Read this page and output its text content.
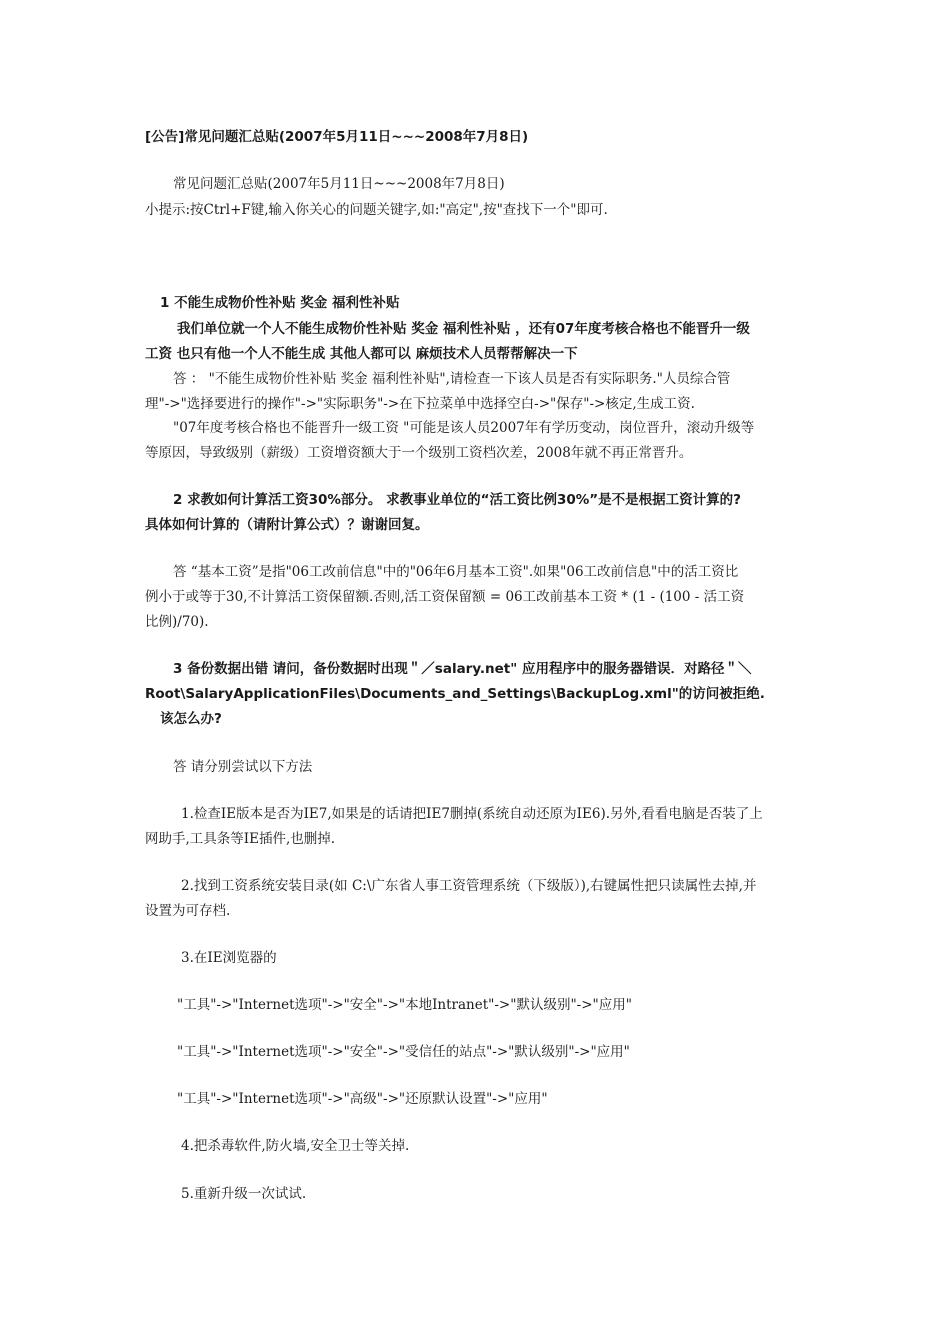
[公告]常见问题汇总贴(2007年5月11日~~~2008年7月8日)
常见问题汇总贴(2007年5月11日~~~2008年7月8日)
小提示:按Ctrl+F键,输入你关心的问题关键字,如:"高定",按"查找下一个"即可.
1 不能生成物价性补贴 奖金 福利性补贴
我们单位就一个人不能生成物价性补贴 奖金 福利性补贴 ，还有07年度考核合格也不能晋升一级
工资 也只有他一个人不能生成 其他人都可以 麻烦技术人员帮帮解决一下
答 ： "不能生成物价性补贴 奖金 福利性补贴",请检查一下该人员是否有实际职务."人员综合管
理"->"选择要进行的操作"->"实际职务"->在下拉菜单中选择空白->"保存"->核定,生成工资.
"07年度考核合格也不能晋升一级工资 "可能是该人员2007年有学历变动，岗位晋升，滚动升级等
等原因，导致级别（薪级）工资增资额大于一个级别工资档次差，2008年就不再正常晋升。
2 求教如何计算活工资30%部分。 求教事业单位的“活工资比例30%”是不是根据工资计算的?
具体如何计算的（请附计算公式）？谢谢回复。
答 “基本工资”是指"06工改前信息"中的"06年6月基本工资".如果"06工改前信息"中的活工资比
例小于或等于30,不计算活工资保留额.否则,活工资保留额 = 06工改前基本工资 * (1 - (100 - 活工资
比例)/70).
3 备份数据出错 请问，备份数据时出现＂／salary.net" 应用程序中的服务器错误．对路径＂＼
Root\SalaryApplicationFiles\Documents_and_Settings\BackupLog.xml"的访问被拒绝.
该怎么办?
答 请分别尝试以下方法
1.检查IE版本是否为IE7,如果是的话请把IE7删掉(系统自动还原为IE6).另外,看看电脑是否装了上
网助手,工具条等IE插件,也删掉.
2.找到工资系统安装目录(如 C:\广东省人事工资管理系统（下级版）),右键属性把只读属性去掉,并
设置为可存档.
3.在IE浏览器的
"工具"->"Internet选项"->"安全"->"本地Intranet"->"默认级别"->"应用"
"工具"->"Internet选项"->"安全"->"受信任的站点"->"默认级别"->"应用"
"工具"->"Internet选项"->"高级"->"还原默认设置"->"应用"
4.把杀毒软件,防火墙,安全卫士等关掉.
5.重新升级一次试试.
